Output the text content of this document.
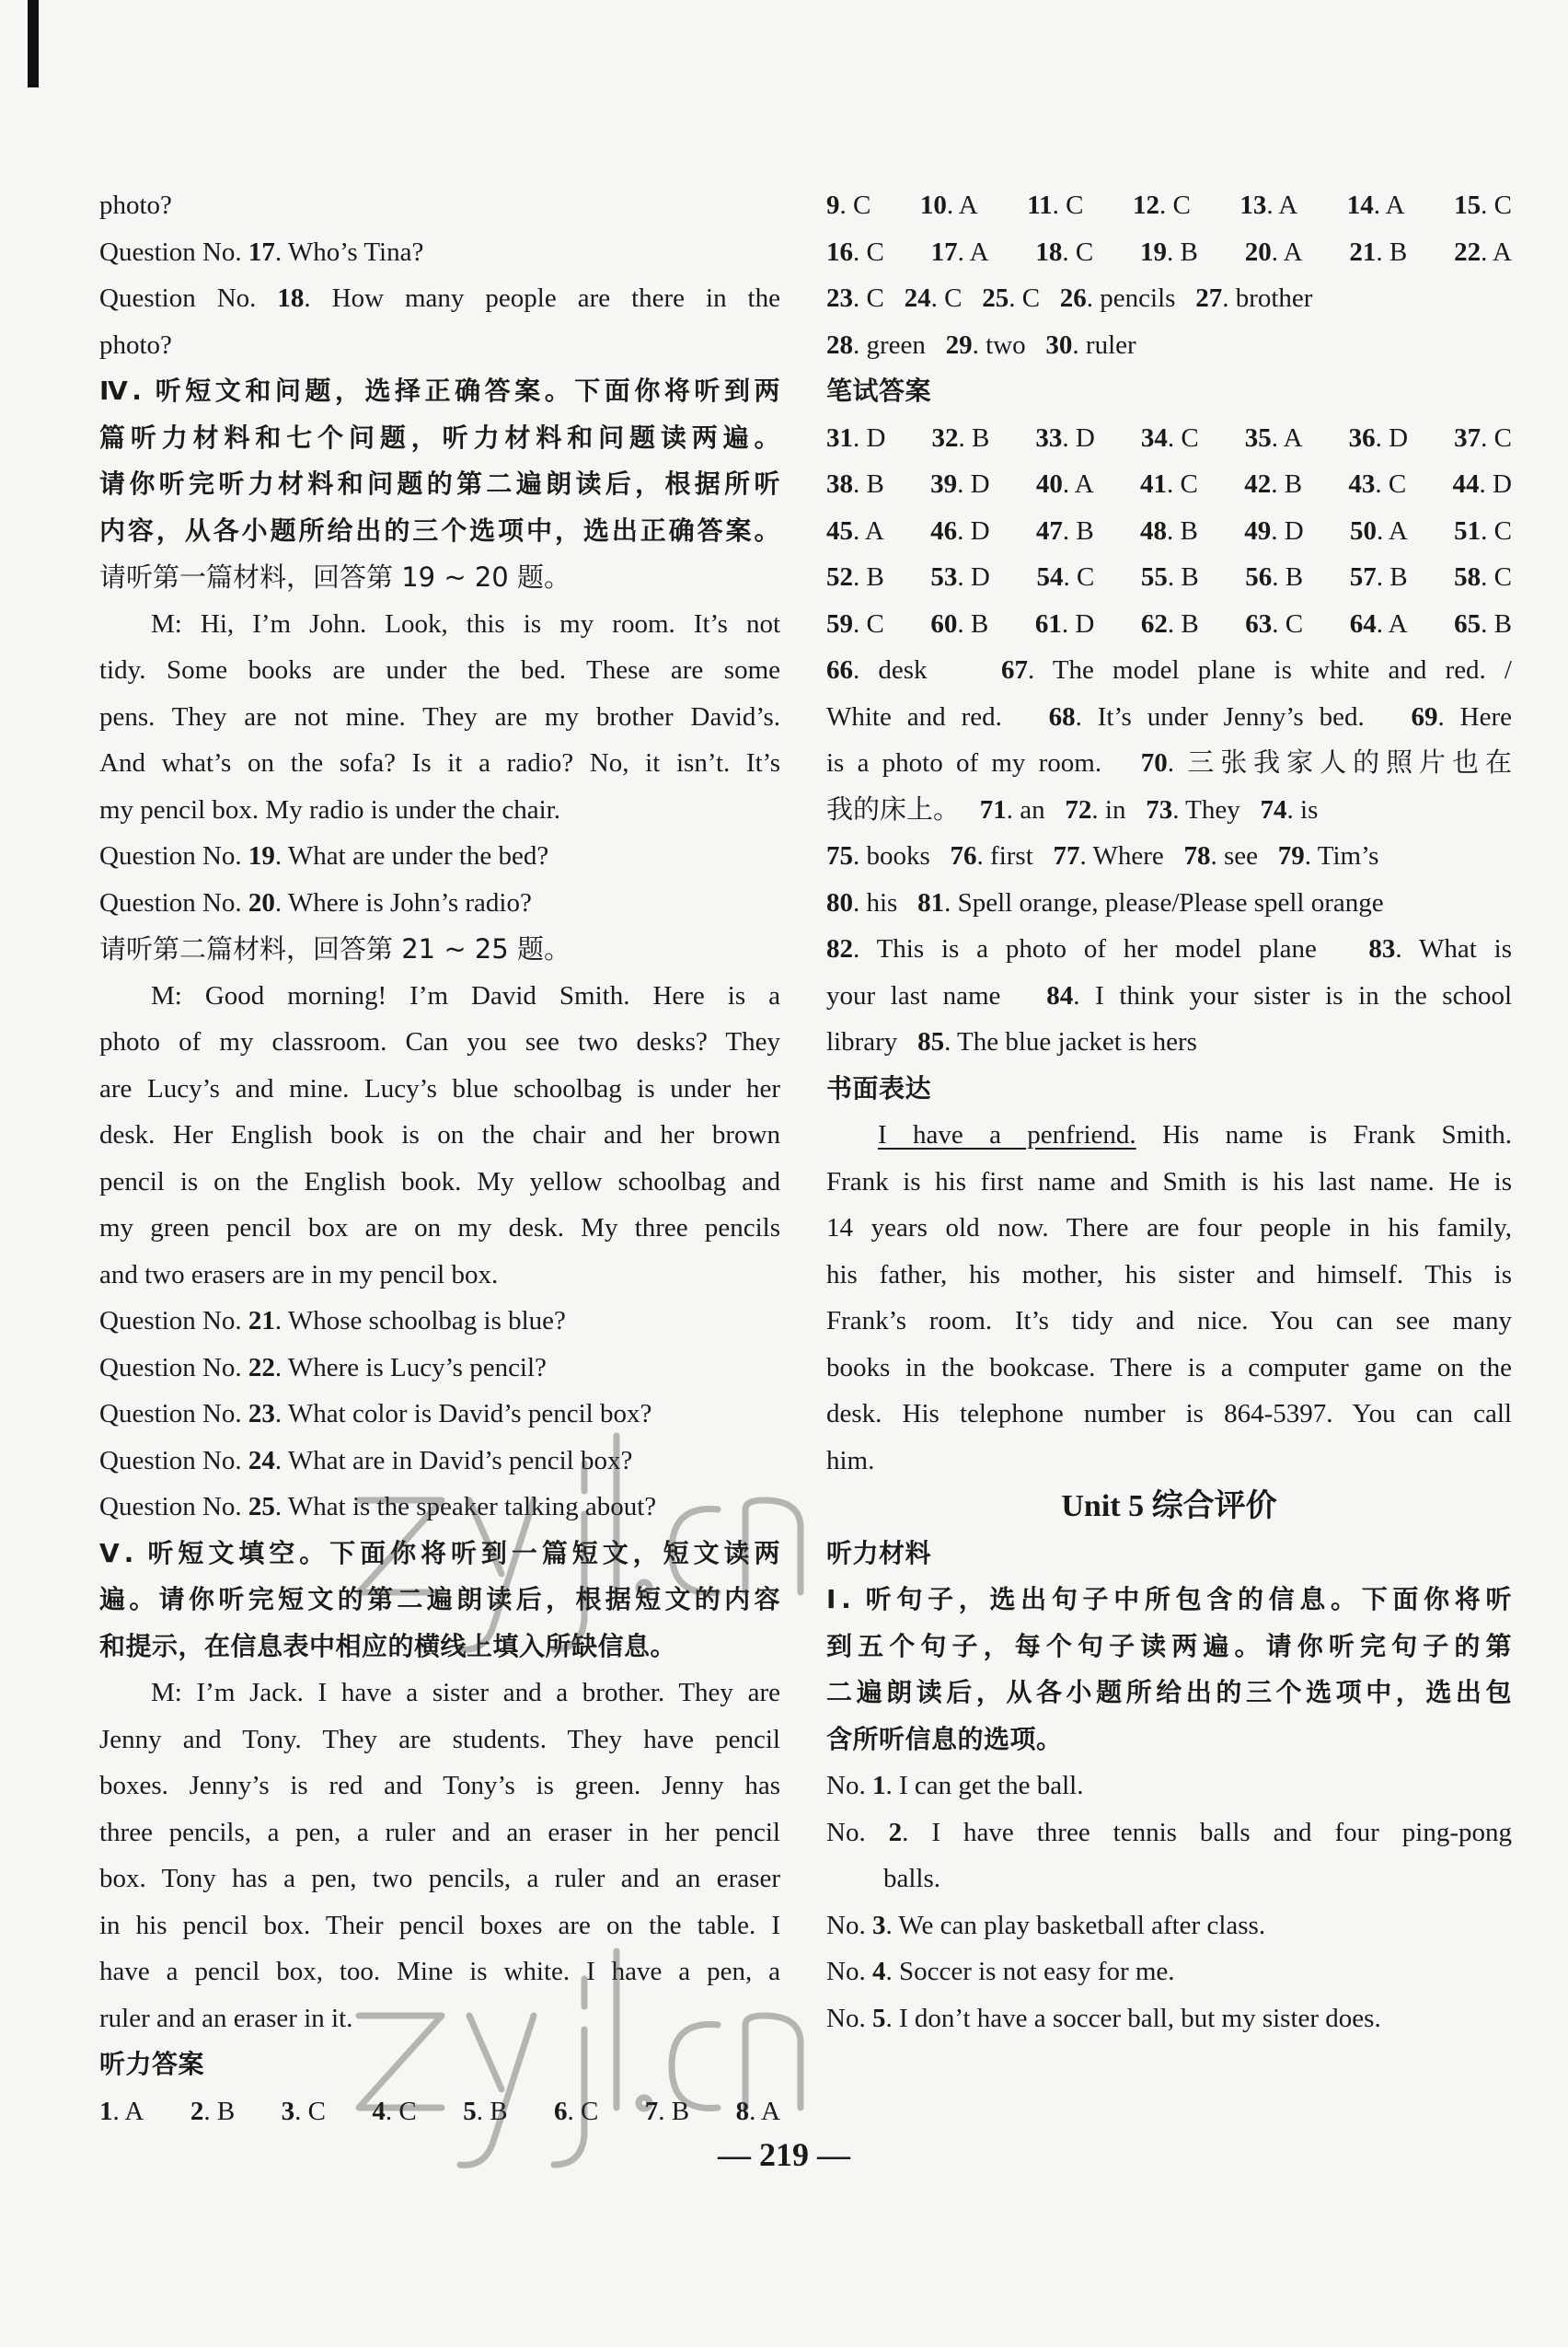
photo?
Question No. 17. Who’s Tina?
Question No. 18. How many people are there in the
photo?
Ⅳ. 听短文和问题，选择正确答案。下面你将听到两
篇听力材料和七个问题，听力材料和问题读两遍。
请你听完听力材料和问题的第二遍朗读后，根据所听
内容，从各小题所给出的三个选项中，选出正确答案。
请听第一篇材料，回答第 19 ~ 20 题。
M: Hi, I’m John. Look, this is my room. It’s not
tidy. Some books are under the bed. These are some
pens. They are not mine. They are my brother David’s.
And what’s on the sofa? Is it a radio? No, it isn’t. It’s
my pencil box. My radio is under the chair.
Question No. 19. What are under the bed?
Question No. 20. Where is John’s radio?
请听第二篇材料，回答第 21 ~ 25 题。
M: Good morning! I’m David Smith. Here is a
photo of my classroom. Can you see two desks? They
are Lucy’s and mine. Lucy’s blue schoolbag is under her
desk. Her English book is on the chair and her brown
pencil is on the English book. My yellow schoolbag and
my green pencil box are on my desk. My three pencils
and two erasers are in my pencil box.
Question No. 21. Whose schoolbag is blue?
Question No. 22. Where is Lucy’s pencil?
Question No. 23. What color is David’s pencil box?
Question No. 24. What are in David’s pencil box?
Question No. 25. What is the speaker talking about?
Ⅴ. 听短文填空。下面你将听到一篇短文，短文读两
遍。请你听完短文的第二遍朗读后，根据短文的内容
和提示，在信息表中相应的横线上填入所缺信息。
M: I’m Jack. I have a sister and a brother. They are
Jenny and Tony. They are students. They have pencil
boxes. Jenny’s is red and Tony’s is green. Jenny has
three pencils, a pen, a ruler and an eraser in her pencil
box. Tony has a pen, two pencils, a ruler and an eraser
in his pencil box. Their pencil boxes are on the table. I
have a pencil box, too. Mine is white. I have a pen, a
ruler and an eraser in it.
听力答案
1. A 2. B 3. C 4. C 5. B 6. C 7. B 8. A
9. C 10. A 11. C 12. C 13. A 14. A 15. C
16. C 17. A 18. C 19. B 20. A 21. B 22. A
23. C   24. C   25. C   26. pencils   27. brother
28. green   29. two   30. ruler
笔试答案
31. D 32. B 33. D 34. C 35. A 36. D 37. C
38. B 39. D 40. A 41. C 42. B 43. C 44. D
45. A 46. D 47. B 48. B 49. D 50. A 51. C
52. B 53. D 54. C 55. B 56. B 57. B 58. C
59. C 60. B 61. D 62. B 63. C 64. A 65. B
66. desk    67. The model plane is white and red. /
White and red.   68. It’s under Jenny’s bed.   69. Here
is a photo of my room.   70. 三张我家人的照片也在
我的床上。   71. an   72. in   73. They   74. is
75. books   76. first   77. Where   78. see   79. Tim’s
80. his   81. Spell orange, please/Please spell orange
82. This is a photo of her model plane   83. What is
your last name   84. I think your sister is in the school
library   85. The blue jacket is hers
书面表达
I have a penfriend. His name is Frank Smith.
Frank is his first name and Smith is his last name. He is
14 years old now. There are four people in his family,
his father, his mother, his sister and himself. This is
Frank’s room. It’s tidy and nice. You can see many
books in the bookcase. There is a computer game on the
desk. His telephone number is 864-5397. You can call
him.
Unit 5 综合评价
听力材料
Ⅰ. 听句子，选出句子中所包含的信息。下面你将听
到五个句子，每个句子读两遍。请你听完句子的第
二遍朗读后，从各小题所给出的三个选项中，选出包
含所听信息的选项。
No. 1. I can get the ball.
No. 2. I have three tennis balls and four ping-pong
balls.
No. 3. We can play basketball after class.
No. 4. Soccer is not easy for me.
No. 5. I don’t have a soccer ball, but my sister does.
— 219 —
